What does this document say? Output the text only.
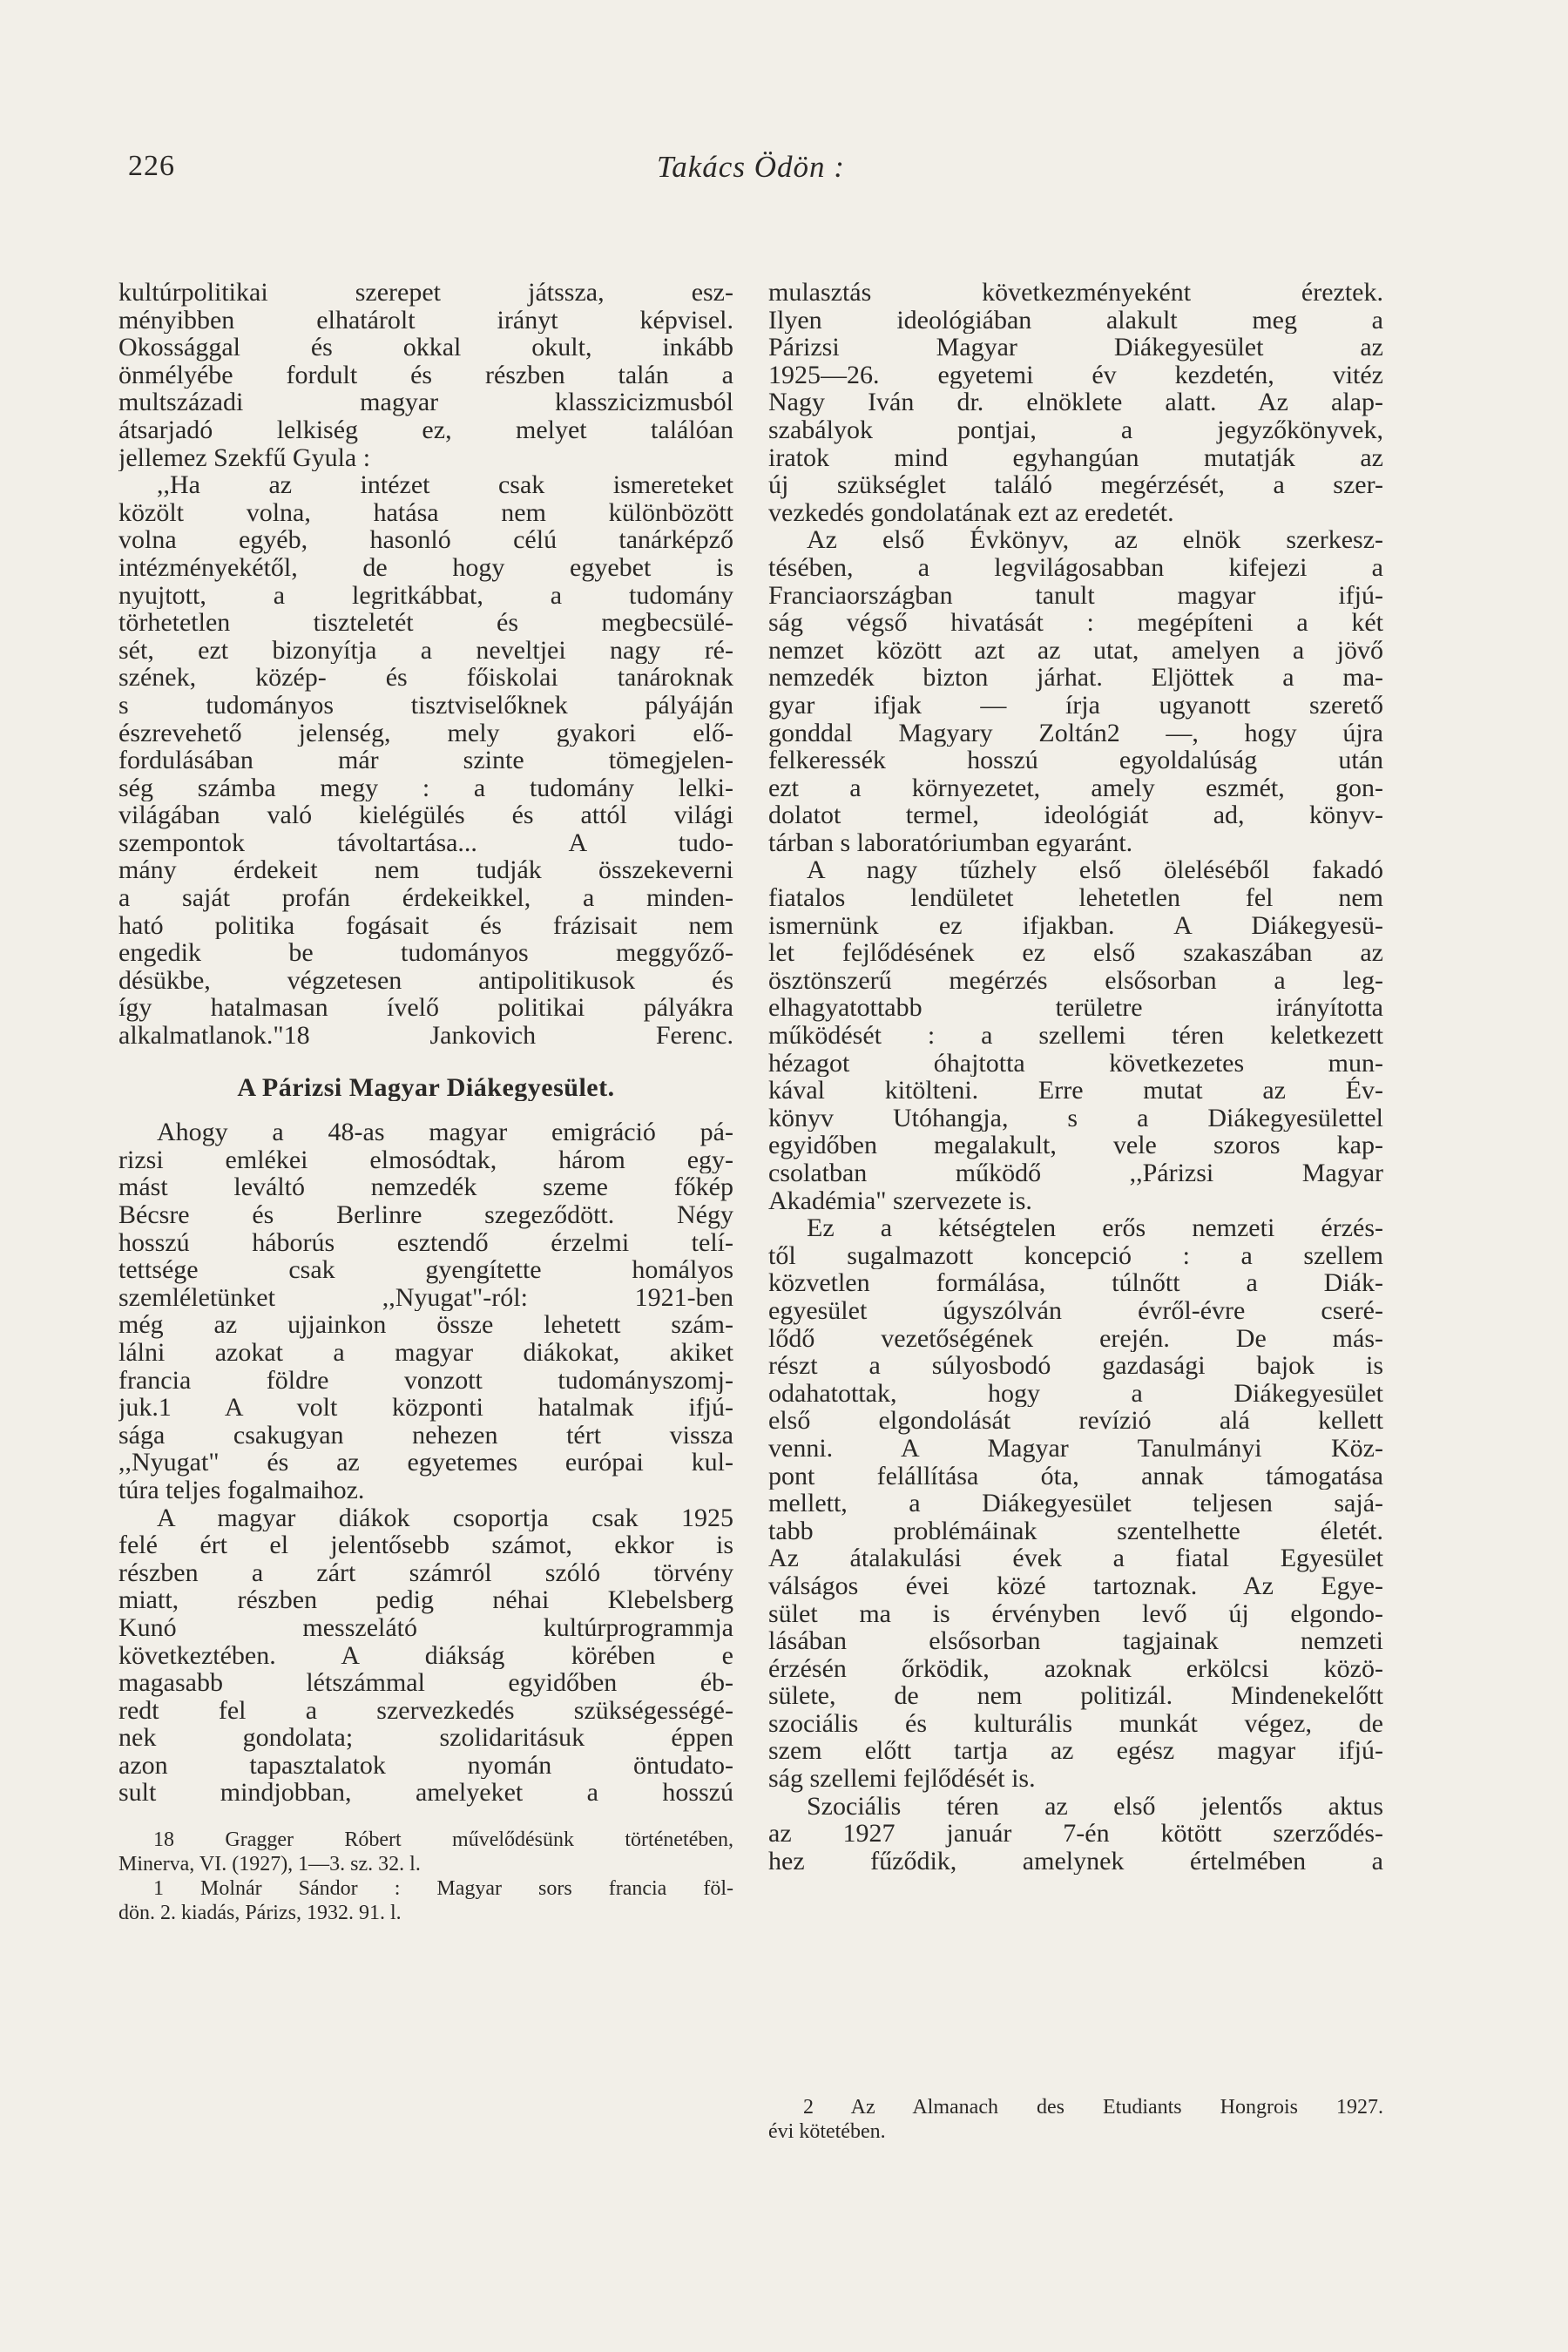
226	Takács Ödön :
kultúrpolitikai szerepet játssza, esz-
ményibben elhatárolt irányt képvisel.
Okossággal és okkal okult, inkább
önmélyébe fordult és részben talán a
multszázadi magyar klasszicizmusból
átsarjadó lelkiség ez, melyet találóan
jellemez Szekfű Gyula :
,,Ha az intézet csak ismereteket
közölt volna, hatása nem különbözött
volna egyéb, hasonló célú tanárképző
intézményekétől, de hogy egyebet is
nyujtott, a legritkábbat, a tudomány
törhetetlen tiszteletét és megbecsülé-
sét, ezt bizonyítja a neveltjei nagy ré-
szének, közép- és főiskolai tanároknak
s tudományos tisztviselőknek pályáján
észrevehető jelenség, mely gyakori elő-
fordulásában már szinte tömegjelen-
ség számba megy : a tudomány lelki-
világában való kielégülés és attól világi
szempontok távoltartása... A tudo-
mány érdekeit nem tudják összekeverni
a saját profán érdekeikkel, a minden-
ható politika fogásait és frázisait nem
engedik be tudományos meggyőző-
désükbe, végzetesen antipolitikusok és
így hatalmasan ívelő politikai pályákra
alkalmatlanok."18 Jankovich Ferenc.
A Párizsi Magyar Diákegyesület.
Ahogy a 48-as magyar emigráció pá-
rizsi emlékei elmosódtak, három egy-
mást leváltó nemzedék szeme főkép
Bécsre és Berlinre szegeződött. Négy
hosszú háborús esztendő érzelmi telí-
tettsége csak gyengítette homályos
szemléletünket ,,Nyugat"-ról: 1921-ben
még az ujjainkon össze lehetett szám-
lálni azokat a magyar diákokat, akiket
francia földre vonzott tudományszomj-
juk.1 A volt központi hatalmak ifjú-
sága csakugyan nehezen tért vissza
,,Nyugat" és az egyetemes európai kul-
túra teljes fogalmaihoz.
A magyar diákok csoportja csak 1925
felé ért el jelentősebb számot, ekkor is
részben a zárt számról szóló törvény
miatt, részben pedig néhai Klebelsberg
Kunó messzelátó kultúrprogrammja
következtében. A diákság körében e
magasabb létszámmal egyidőben éb-
redt fel a szervezkedés szükségességé-
nek gondolata; szolidaritásuk éppen
azon tapasztalatok nyomán öntudato-
sult mindjobban, amelyeket a hosszú
18 Gragger Róbert művelődésünk történetében,
Minerva, VI. (1927), 1—3. sz. 32. l.
1 Molnár Sándor : Magyar sors francia föl-
dön. 2. kiadás, Párizs, 1932. 91. l.
mulasztás következményeként éreztek.
Ilyen ideológiában alakult meg a
Párizsi Magyar Diákegyesület az
1925—26. egyetemi év kezdetén, vitéz
Nagy Iván dr. elnöklete alatt. Az alap-
szabályok pontjai, a jegyzőkönyvek,
iratok mind egyhangúan mutatják az
új szükséglet találó megérzését, a szer-
vezkedés gondolatának ezt az eredetét.
Az első Évkönyv, az elnök szerkesz-
tésében, a legvilágosabban kifejezi a
Franciaországban tanult magyar ifjú-
ság végső hivatását : megépíteni a két
nemzet között azt az utat, amelyen a jövő
nemzedék bizton járhat. Eljöttek a ma-
gyar ifjak — írja ugyanott szerető
gonddal Magyary Zoltán2 —, hogy újra
felkeressék hosszú egyoldalúság után
ezt a környezetet, amely eszmét, gon-
dolatot termel, ideológiát ad, könyv-
tárban s laboratóriumban egyaránt.
A nagy tűzhely első öleléséből fakadó
fiatalos lendületet lehetetlen fel nem
ismernünk ez ifjakban. A Diákegyesü-
let fejlődésének ez első szakaszában az
ösztönszerű megérzés elsősorban a leg-
elhagyatottabb területre irányította
működését : a szellemi téren keletkezett
hézagot óhajtotta következetes mun-
kával kitölteni. Erre mutat az Év-
könyv Utóhangja, s a Diákegyesülettel
egyidőben megalakult, vele szoros kap-
csolatban működő ,,Párizsi Magyar
Akadémia" szervezete is.
Ez a kétségtelen erős nemzeti érzés-
től sugalmazott koncepció : a szellem
közvetlen formálása, túlnőtt a Diák-
egyesület úgyszólván évről-évre cseré-
lődő vezetőségének erején. De más-
részt a súlyosbodó gazdasági bajok is
odahatottak, hogy a Diákegyesület
első elgondolását revízió alá kellett
venni. A Magyar Tanulmányi Köz-
pont felállítása óta, annak támogatása
mellett, a Diákegyesület teljesen sajá-
tabb problémáinak szentelhette életét.
Az átalakulási évek a fiatal Egyesület
válságos évei közé tartoznak. Az Egye-
sület ma is érvényben levő új elgondo-
lásában elsősorban tagjainak nemzeti
érzésén őrködik, azoknak erkölcsi közö-
sülete, de nem politizál. Mindenekelőtt
szociális és kulturális munkát végez, de
szem előtt tartja az egész magyar ifjú-
ság szellemi fejlődését is.
Szociális téren az első jelentős aktus
az 1927 január 7-én kötött szerződés-
hez fűződik, amelynek értelmében a
2 Az Almanach des Etudiants Hongrois 1927.
évi kötetében.
